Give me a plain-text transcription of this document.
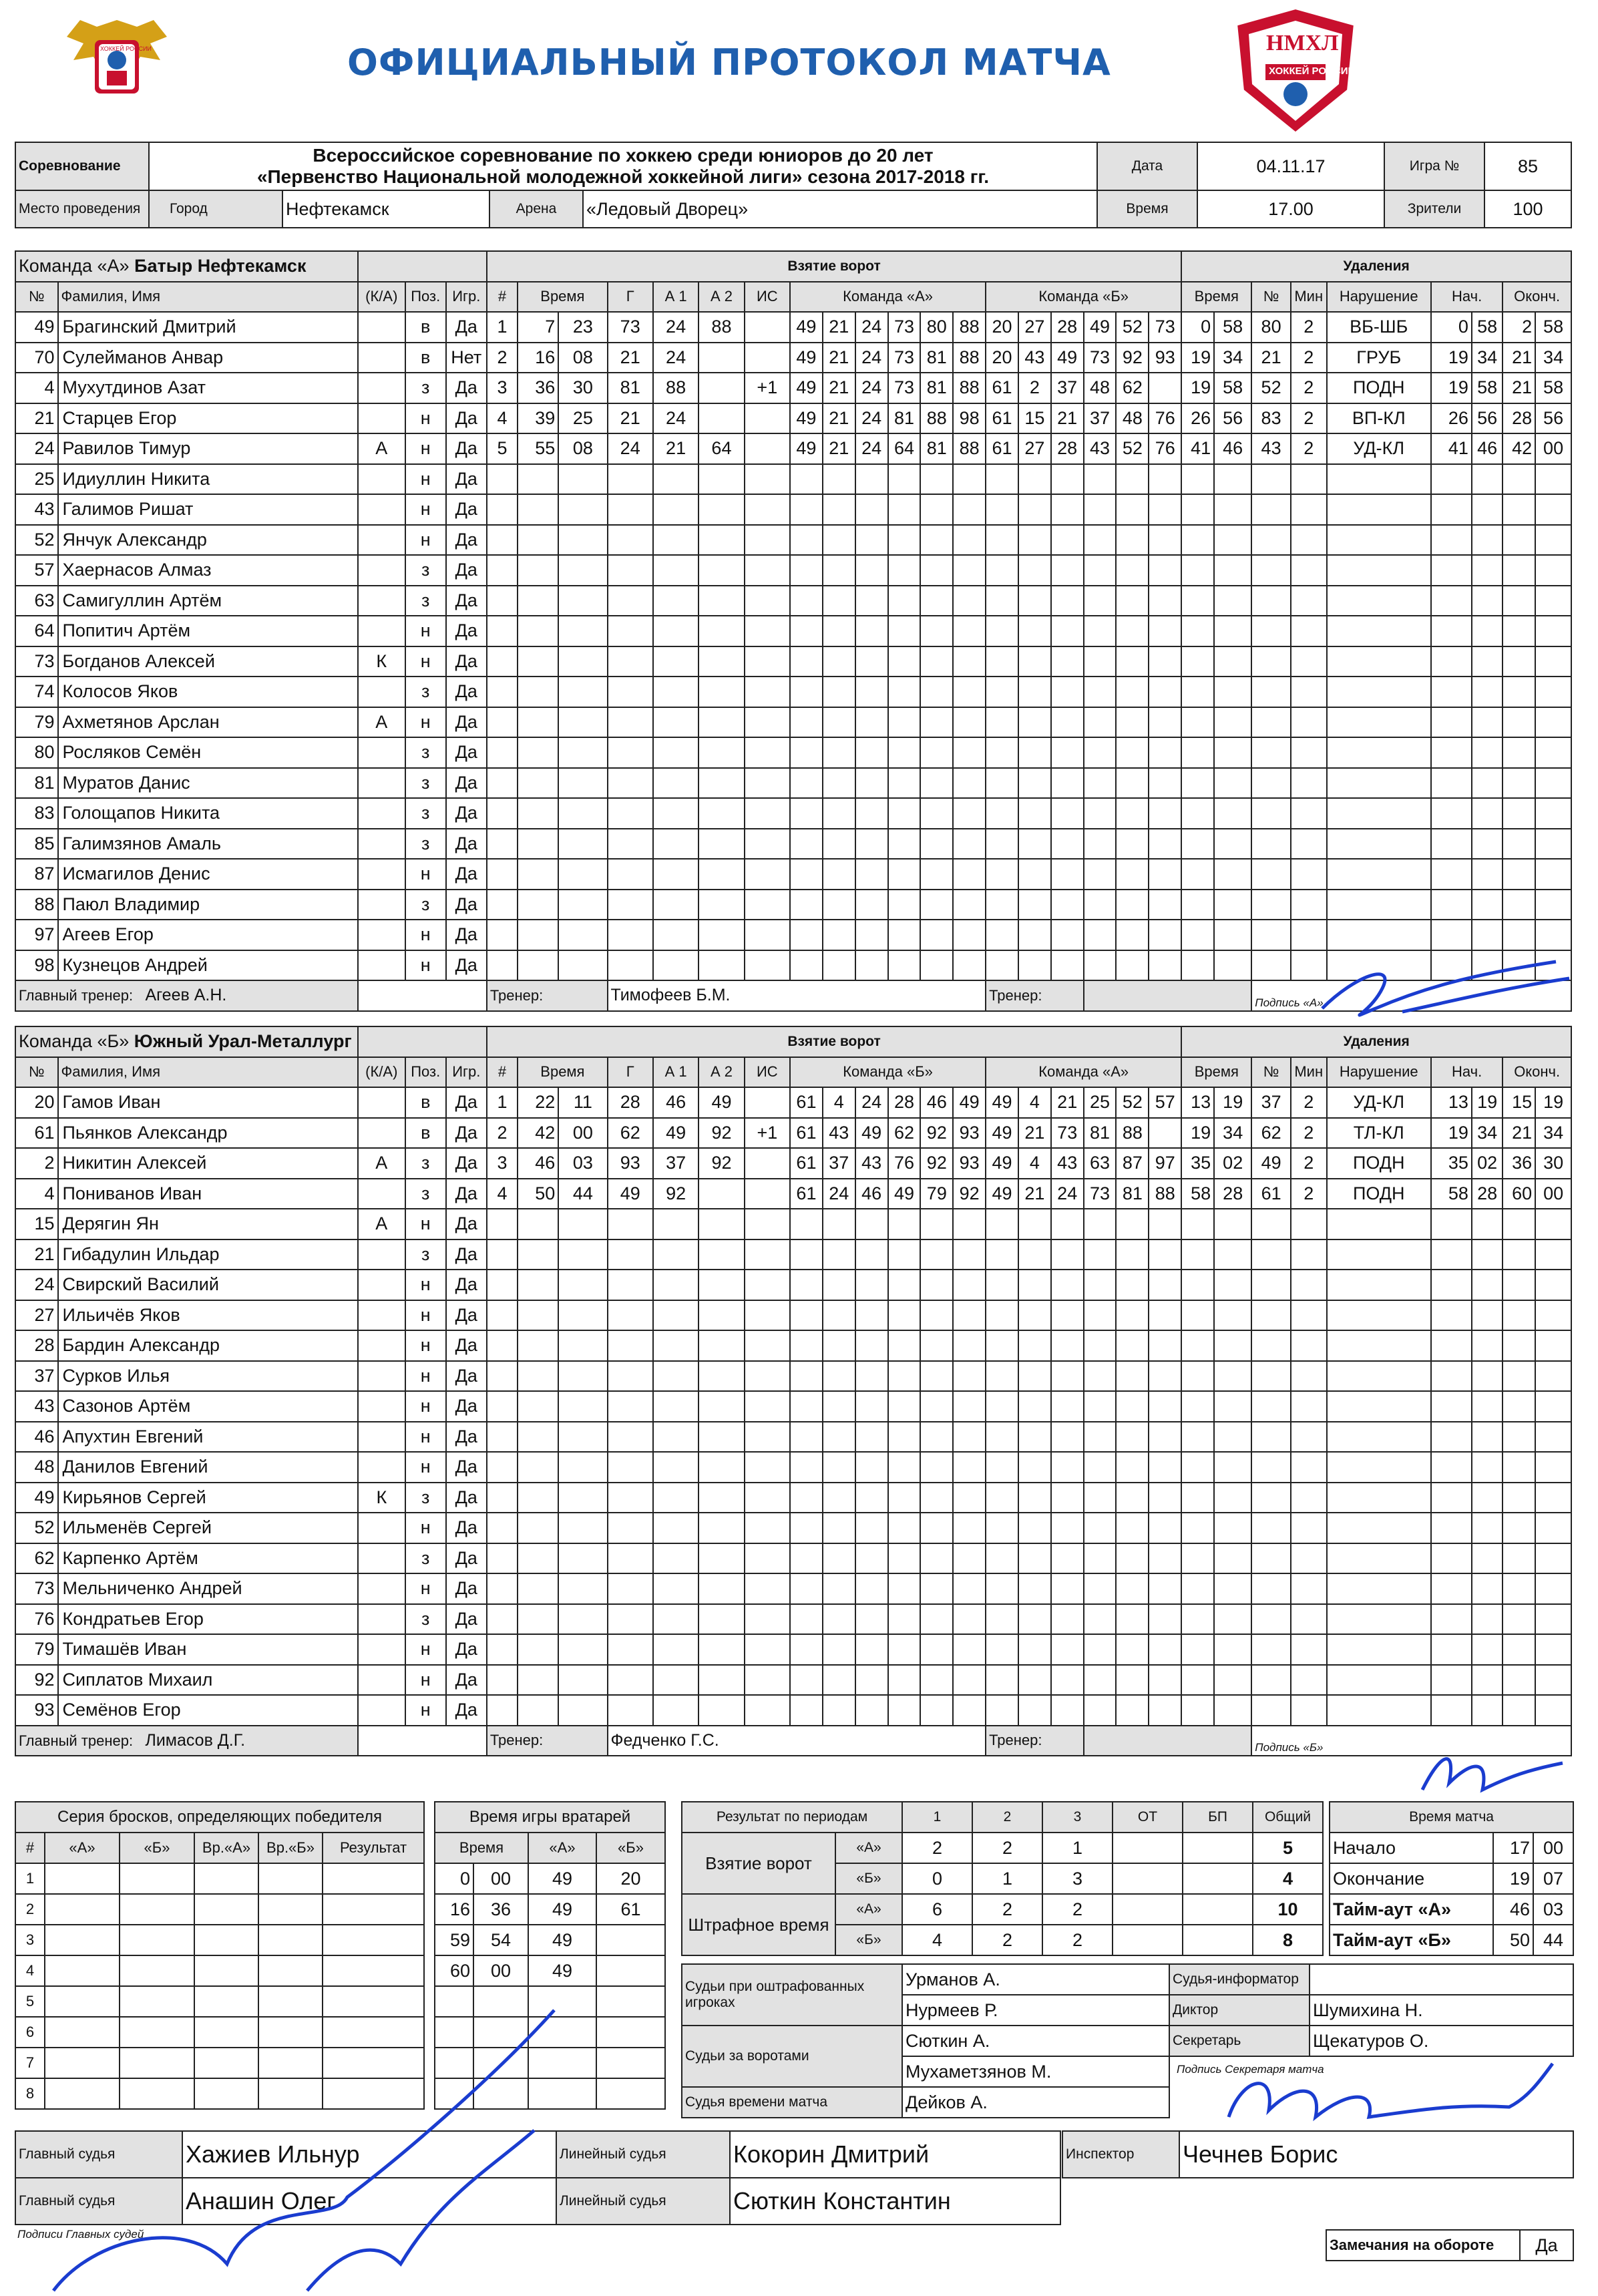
ХОККЕЙ РОССИИ	ОФИЦИАЛЬНЫЙ ПРОТОКОЛ МАТЧА	НМХЛ
ХОККЕЙ РОССИИ
Соревнование	Всероссийское соревнование по хоккею среди юниоров до 20 лет
«Первенство Национальной молодежной хоккейной лиги» сезона 2017-2018 гг.				Дата	04.11.17	Игра №	85
Место проведения	Город	Нефтекамск	Арена	«Ледовый Дворец»	Время	17.00	Зрители	100
Команда «А» Батыр Нефтекамск					Взятие ворот																			Удаления								
№	Фамилия, Имя	(К/А)	Поз.	Игр.	#	Время		Г	А 1	А 2	ИС	Команда «А»						Команда «Б»						Время		№	Мин	Нарушение	Нач.		Оконч.	
49	Брагинский Дмитрий		в	Да	1	7	23	73	24	88		49	21	24	73	80	88	20	27	28	49	52	73	0	58	80	2	ВБ-ШБ	0	58	2	58
70	Сулейманов Анвар		в	Нет	2	16	08	21	24			49	21	24	73	81	88	20	43	49	73	92	93	19	34	21	2	ГРУБ	19	34	21	34
4	Мухутдинов Азат		з	Да	3	36	30	81	88		+1	49	21	24	73	81	88	61	2	37	48	62		19	58	52	2	ПОДН	19	58	21	58
21	Старцев Егор		н	Да	4	39	25	21	24			49	21	24	81	88	98	61	15	21	37	48	76	26	56	83	2	ВП-КЛ	26	56	28	56
24	Равилов Тимур	А	н	Да	5	55	08	24	21	64		49	21	24	64	81	88	61	27	28	43	52	76	41	46	43	2	УД-КЛ	41	46	42	00
25	Идиуллин Никита		н	Да																												
43	Галимов Ришат		н	Да																												
52	Янчук Александр		н	Да																												
57	Хаернасов Алмаз		з	Да																												
63	Самигуллин Артём		з	Да																												
64	Попитич Артём		н	Да																												
73	Богданов Алексей	К	н	Да																												
74	Колосов Яков		з	Да																												
79	Ахметянов Арслан	А	н	Да																												
80	Росляков Семён		з	Да																												
81	Муратов Данис		з	Да																												
83	Голощапов Никита		з	Да																												
85	Галимзянов Амаль		з	Да																												
87	Исмагилов Денис		н	Да																												
88	Паюл Владимир		з	Да																												
97	Агеев Егор		н	Да																												
98	Кузнецов Андрей		н	Да																												
Главный тренер: Агеев А.Н.					Тренер:			Тимофеев Б.М.										Тренер:								Подпись «А»						
Команда «Б» Южный Урал-Металлург					Взятие ворот																			Удаления								
№	Фамилия, Имя	(К/А)	Поз.	Игр.	#	Время		Г	А 1	А 2	ИС	Команда «Б»						Команда «А»						Время		№	Мин	Нарушение	Нач.		Оконч.	
20	Гамов Иван		в	Да	1	22	11	28	46	49		61	4	24	28	46	49	49	4	21	25	52	57	13	19	37	2	УД-КЛ	13	19	15	19
61	Пьянков Александр		в	Да	2	42	00	62	49	92	+1	61	43	49	62	92	93	49	21	73	81	88		19	34	62	2	ТЛ-КЛ	19	34	21	34
2	Никитин Алексей	А	з	Да	3	46	03	93	37	92		61	37	43	76	92	93	49	4	43	63	87	97	35	02	49	2	ПОДН	35	02	36	30
4	Пониванов Иван		з	Да	4	50	44	49	92			61	24	46	49	79	92	49	21	24	73	81	88	58	28	61	2	ПОДН	58	28	60	00
15	Дерягин Ян	А	н	Да																												
21	Гибадулин Ильдар		з	Да																												
24	Свирский Василий		н	Да																												
27	Ильичёв Яков		н	Да																												
28	Бардин Александр		н	Да																												
37	Сурков Илья		н	Да																												
43	Сазонов Артём		н	Да																												
46	Апухтин Евгений		н	Да																												
48	Данилов Евгений		н	Да																												
49	Кирьянов Сергей	К	з	Да																												
52	Ильменёв Сергей		н	Да																												
62	Карпенко Артём		з	Да																												
73	Мельниченко Андрей		н	Да																												
76	Кондратьев Егор		з	Да																												
79	Тимашёв Иван		н	Да																												
92	Сиплатов Михаил		н	Да																												
93	Семёнов Егор		н	Да																												
Главный тренер: Лимасов Д.Г.					Тренер:			Федченко Г.С.										Тренер:								Подпись «Б»						
Серия бросков, определяющих победителя					
#	«А»	«Б»	Вр.«А»	Вр.«Б»	Результат
1					
2					
3					
4					
5					
6					
7					
8					
Время игры вратарей			
Время		«А»	«Б»
0	00	49	20
16	36	49	61
59	54	49	
60	00	49	

Результат по периодам		1	2	3	ОТ	БП	Общий
Взятие ворот	«А»	2	2	1			5
	«Б»	0	1	3			4
Штрафное время	«А»	6	2	2			10
	«Б»	4	2	2			8
Время матча		
Начало	17	00
Окончание	19	07
Тайм-аут «А»	46	03
Тайм-аут «Б»	50	44
Судьи при оштрафованных игроках	Урманов А.	Судья-информатор	
	Нурмеев Р.	Диктор	Шумихина Н.
Судьи за воротами	Сюткин А.	Секретарь	Щекатуров О.
	Мухаметзянов М.	Подпись Секретаря матча	
Судья времени матча	Дейков А.		
Главный судья	Хажиев Ильнур	Линейный судья	Кокорин Дмитрий
Главный судья	Анашин Олег	Линейный судья	Сюткин Константин
Подписи Главных судей
Инспектор	Чечнев Борис
Замечания на обороте	Да
